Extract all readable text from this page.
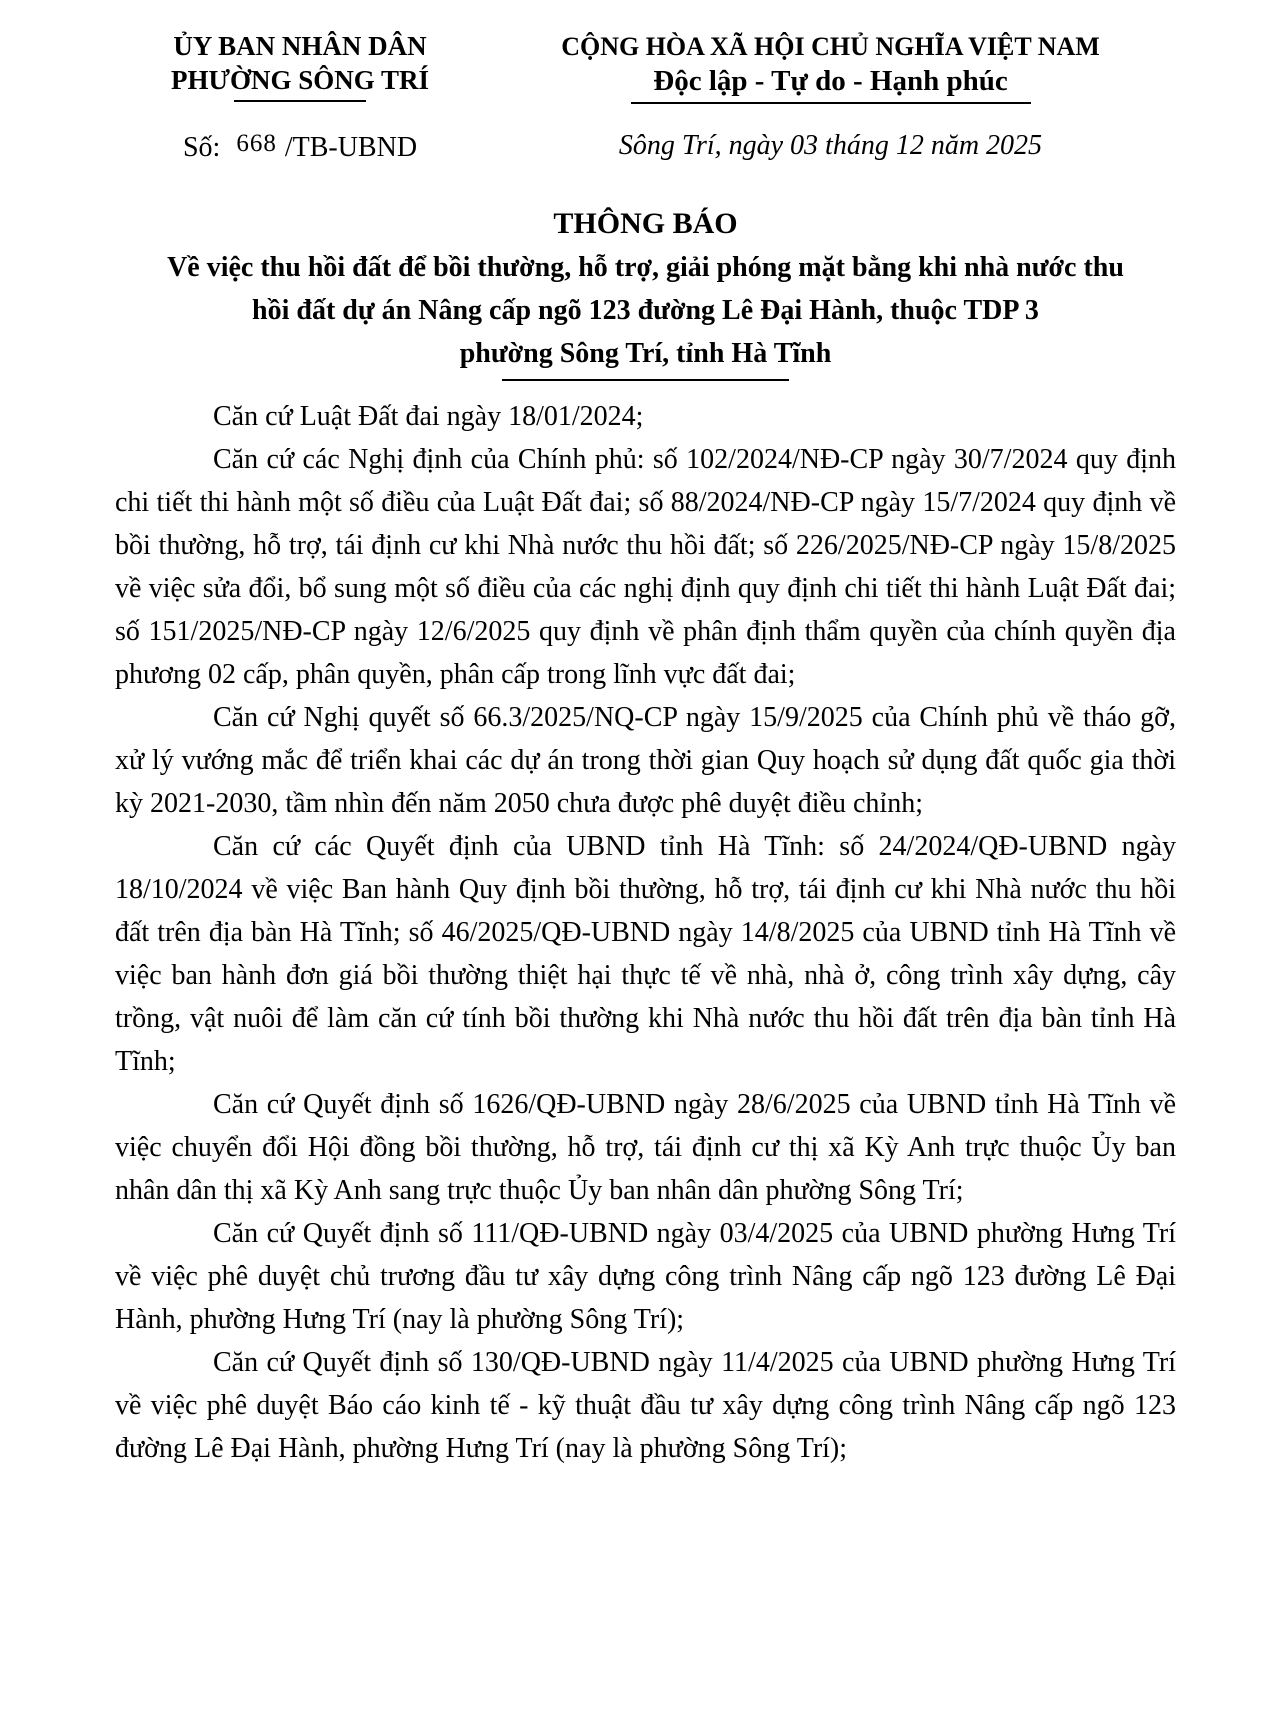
ỦY BAN NHÂN DÂN
PHƯỜNG SÔNG TRÍ
Số: 668 /TB-UBND
CỘNG HÒA XÃ HỘI CHỦ NGHĨA VIỆT NAM
Độc lập - Tự do - Hạnh phúc
Sông Trí, ngày 03 tháng 12 năm 2025
THÔNG BÁO
Về việc thu hồi đất để bồi thường, hỗ trợ, giải phóng mặt bằng khi nhà nước thu
hồi đất dự án Nâng cấp ngõ 123 đường Lê Đại Hành, thuộc TDP 3
phường Sông Trí, tỉnh Hà Tĩnh

Căn cứ Luật Đất đai ngày 18/01/2024;

Căn cứ các Nghị định của Chính phủ: số 102/2024/NĐ-CP ngày 30/7/2024 quy định chi tiết thi hành một số điều của Luật Đất đai; số 88/2024/NĐ-CP ngày 15/7/2024 quy định về bồi thường, hỗ trợ, tái định cư khi Nhà nước thu hồi đất; số 226/2025/NĐ-CP ngày 15/8/2025 về việc sửa đổi, bổ sung một số điều của các nghị định quy định chi tiết thi hành Luật Đất đai; số 151/2025/NĐ-CP ngày 12/6/2025 quy định về phân định thẩm quyền của chính quyền địa phương 02 cấp, phân quyền, phân cấp trong lĩnh vực đất đai;

Căn cứ Nghị quyết số 66.3/2025/NQ-CP ngày 15/9/2025 của Chính phủ về tháo gỡ, xử lý vướng mắc để triển khai các dự án trong thời gian Quy hoạch sử dụng đất quốc gia thời kỳ 2021-2030, tầm nhìn đến năm 2050 chưa được phê duyệt điều chỉnh;

Căn cứ các Quyết định của UBND tỉnh Hà Tĩnh: số 24/2024/QĐ-UBND ngày 18/10/2024 về việc Ban hành Quy định bồi thường, hỗ trợ, tái định cư khi Nhà nước thu hồi đất trên địa bàn Hà Tĩnh; số 46/2025/QĐ-UBND ngày 14/8/2025 của UBND tỉnh Hà Tĩnh về việc ban hành đơn giá bồi thường thiệt hại thực tế về nhà, nhà ở, công trình xây dựng, cây trồng, vật nuôi để làm căn cứ tính bồi thường khi Nhà nước thu hồi đất trên địa bàn tỉnh Hà Tĩnh;

Căn cứ Quyết định số 1626/QĐ-UBND ngày 28/6/2025 của UBND tỉnh Hà Tĩnh về việc chuyển đổi Hội đồng bồi thường, hỗ trợ, tái định cư thị xã Kỳ Anh trực thuộc Ủy ban nhân dân thị xã Kỳ Anh sang trực thuộc Ủy ban nhân dân phường Sông Trí;

Căn cứ Quyết định số 111/QĐ-UBND ngày 03/4/2025 của UBND phường Hưng Trí về việc phê duyệt chủ trương đầu tư xây dựng công trình Nâng cấp ngõ 123 đường Lê Đại Hành, phường Hưng Trí (nay là phường Sông Trí);

Căn cứ Quyết định số 130/QĐ-UBND ngày 11/4/2025 của UBND phường Hưng Trí về việc phê duyệt Báo cáo kinh tế - kỹ thuật đầu tư xây dựng công trình Nâng cấp ngõ 123 đường Lê Đại Hành, phường Hưng Trí (nay là phường Sông Trí);
